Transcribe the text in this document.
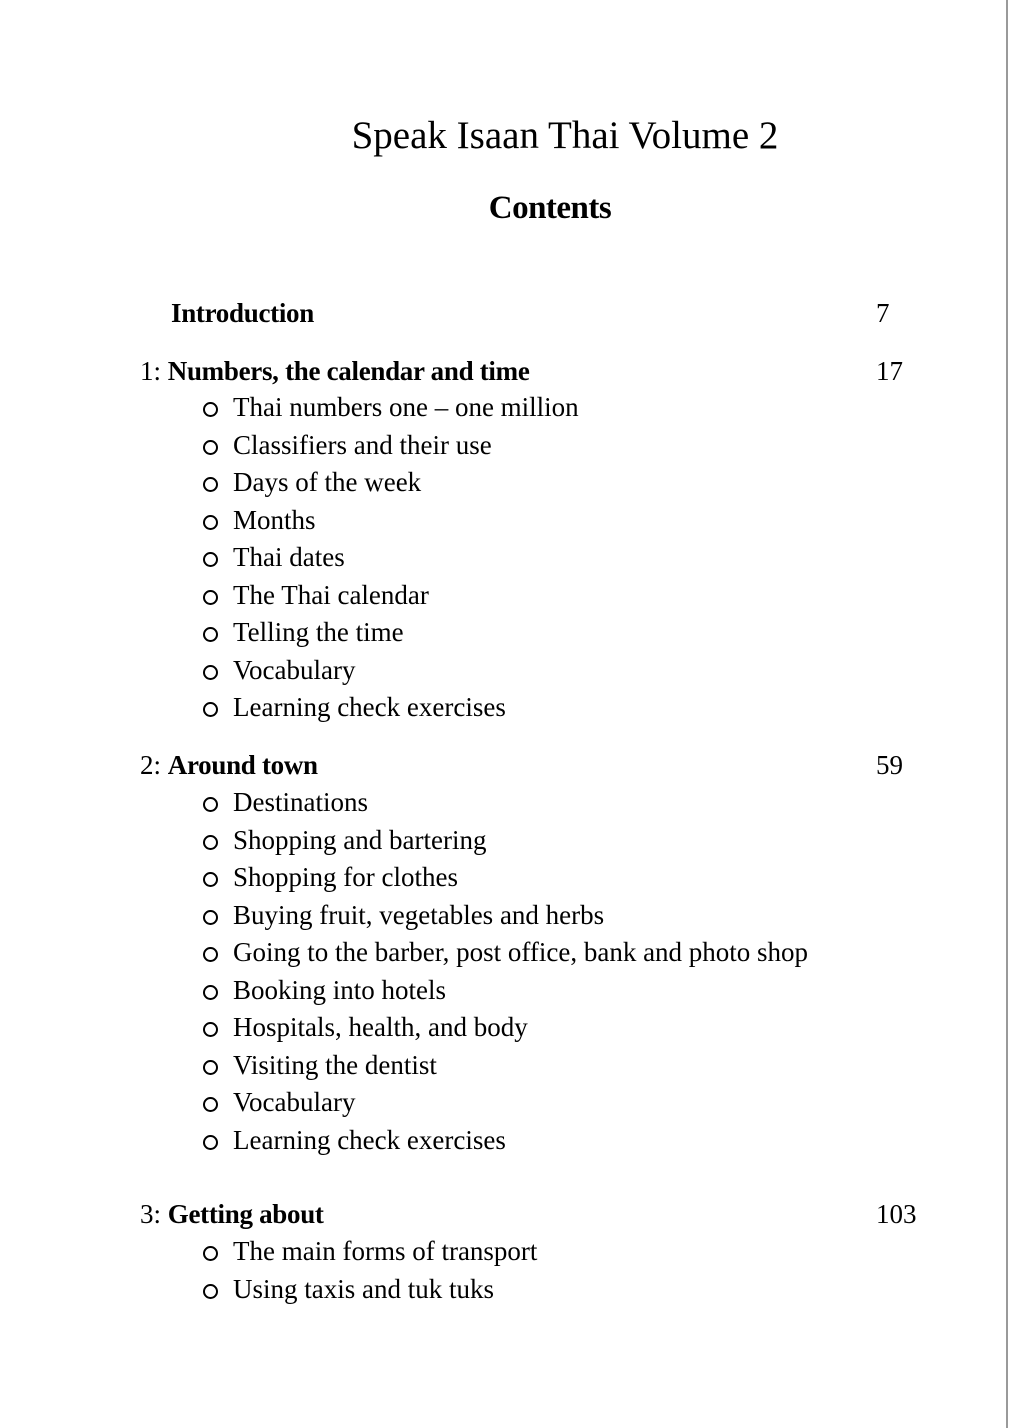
Speak Isaan Thai Volume 2
Contents
Introduction	7
1: Numbers, the calendar and time	17
Thai numbers one – one million
Classifiers and their use
Days of the week
Months
Thai dates
The Thai calendar
Telling the time
Vocabulary
Learning check exercises
2: Around town	59
Destinations
Shopping and bartering
Shopping for clothes
Buying fruit, vegetables and herbs
Going to the barber, post office, bank and photo shop
Booking into hotels
Hospitals, health, and body
Visiting the dentist
Vocabulary
Learning check exercises
3: Getting about	103
The main forms of transport
Using taxis and tuk tuks
